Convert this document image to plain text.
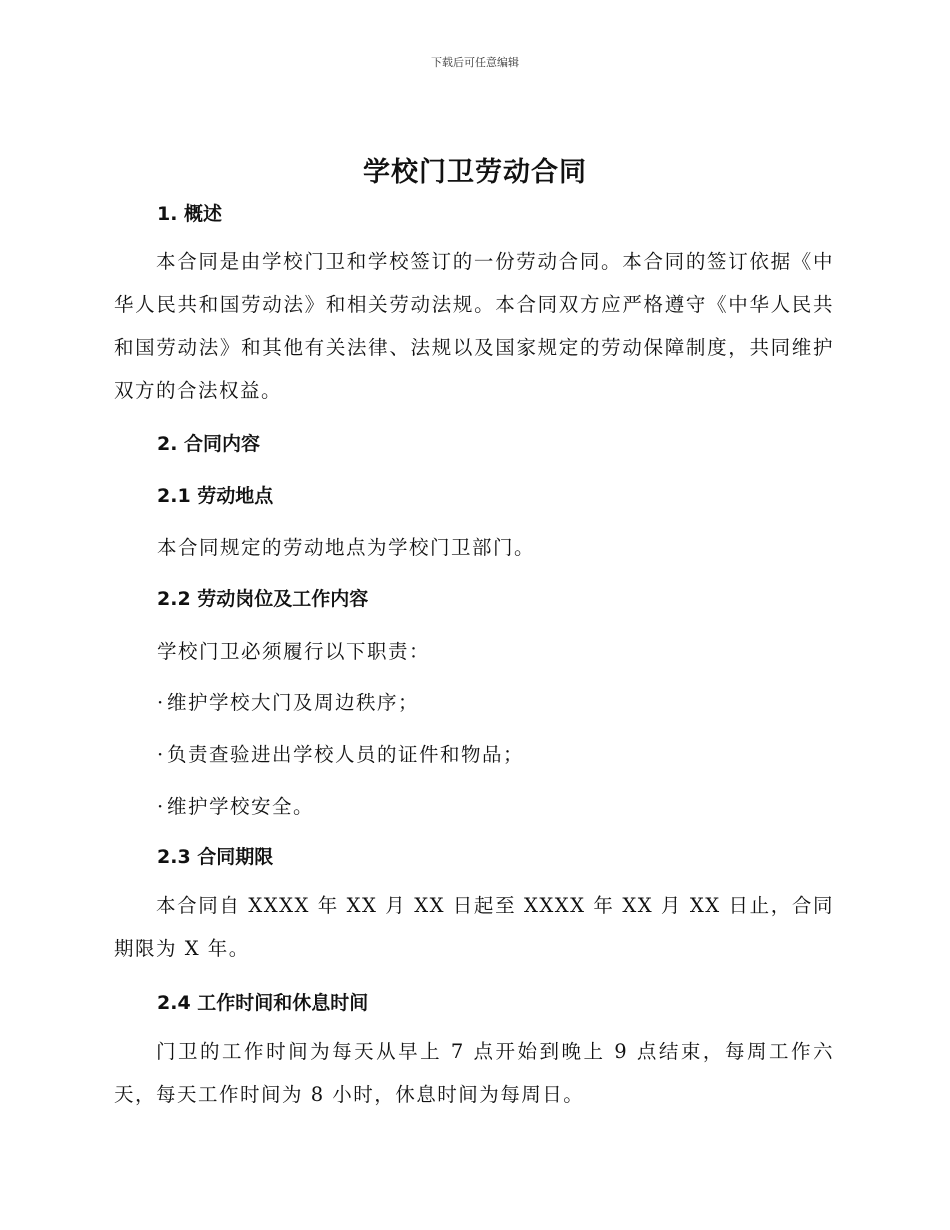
下载后可任意编辑
学校门卫劳动合同
1. 概述
本合同是由学校门卫和学校签订的一份劳动合同。本合同的签订依据《中华人民共和国劳动法》和相关劳动法规。本合同双方应严格遵守《中华人民共和国劳动法》和其他有关法律、法规以及国家规定的劳动保障制度，共同维护双方的合法权益。
2. 合同内容
2.1 劳动地点
本合同规定的劳动地点为学校门卫部门。
2.2 劳动岗位及工作内容
学校门卫必须履行以下职责：
· 维护学校大门及周边秩序；
· 负责查验进出学校人员的证件和物品；
· 维护学校安全。
2.3 合同期限
本合同自 XXXX 年 XX 月 XX 日起至 XXXX 年 XX 月 XX 日止，合同期限为 X 年。
2.4 工作时间和休息时间
门卫的工作时间为每天从早上 7 点开始到晚上 9 点结束，每周工作六天，每天工作时间为 8 小时，休息时间为每周日。
